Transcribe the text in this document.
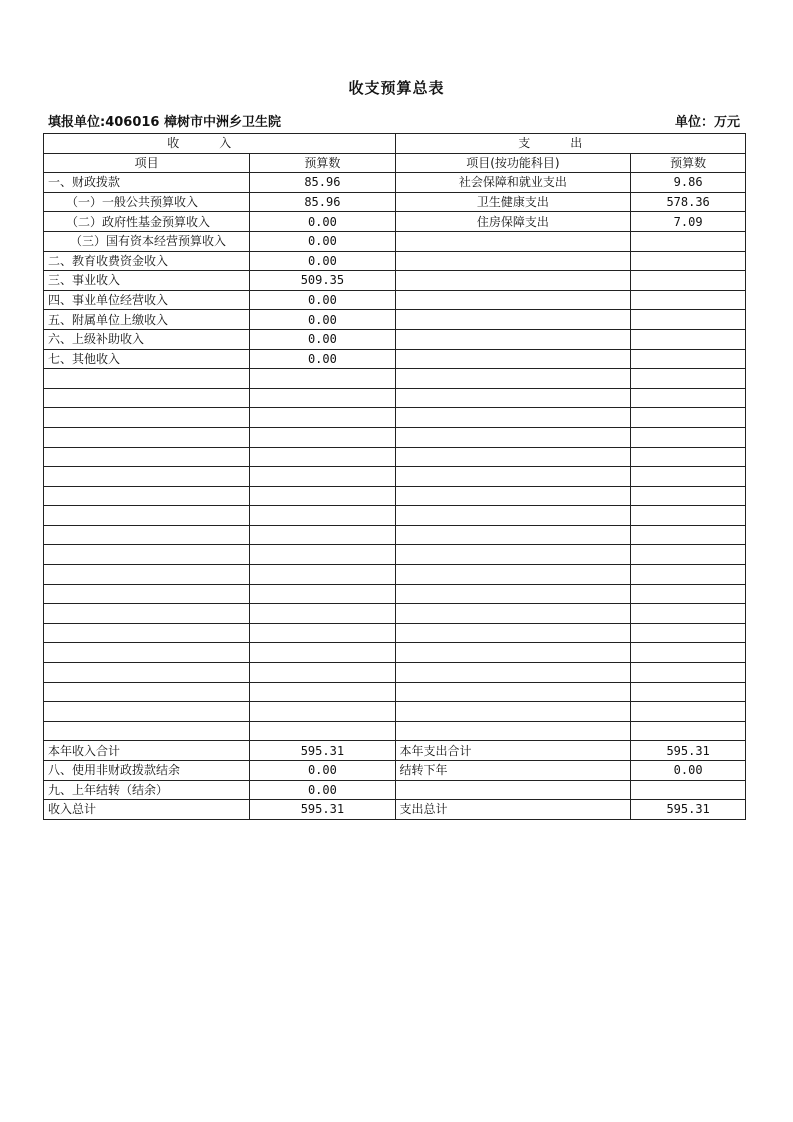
收支预算总表
填报单位:406016 樟树市中洲乡卫生院	单位：万元
收入		支出	
项目	预算数	项目(按功能科目)	预算数
一、财政拨款	85.96	社会保障和就业支出	9.86
（一）一般公共预算收入	85.96	卫生健康支出	578.36
（二）政府性基金预算收入	0.00	住房保障支出	7.09
（三）国有资本经营预算收入	0.00		
二、教育收费资金收入	0.00		
三、事业收入	509.35		
四、事业单位经营收入	0.00		
五、附属单位上缴收入	0.00		
六、上级补助收入	0.00		
七、其他收入	0.00		

本年收入合计	595.31	本年支出合计	595.31
八、使用非财政拨款结余	0.00	结转下年	0.00
九、上年结转（结余）	0.00		
收入总计	595.31	支出总计	595.31
